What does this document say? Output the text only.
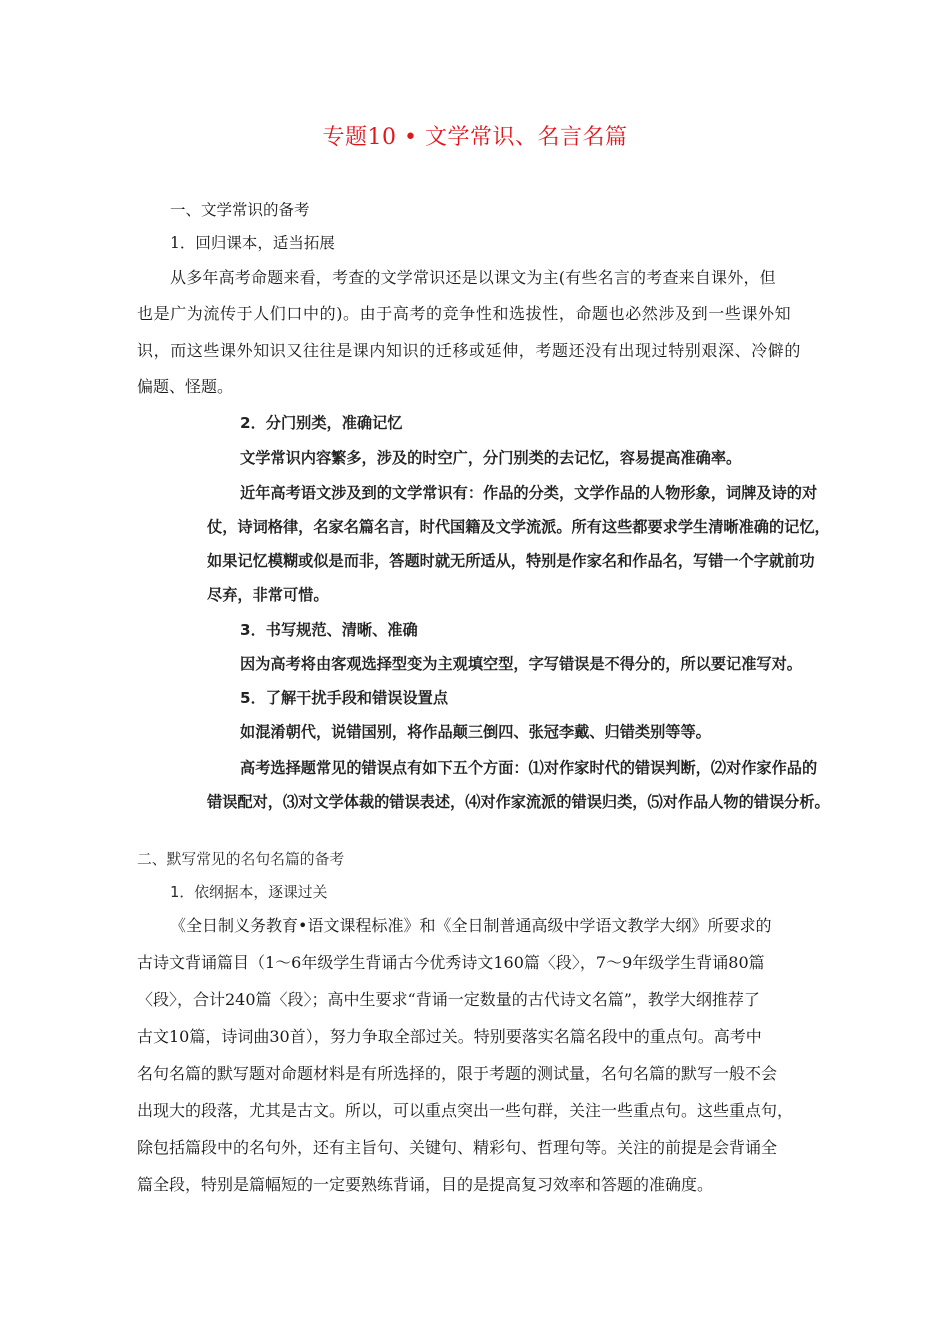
专题10 • 文学常识、名言名篇
一、文学常识的备考
1．回归课本，适当拓展
从多年高考命题来看，考查的文学常识还是以课文为主(有些名言的考查来自课外，但
也是广为流传于人们口中的)。由于高考的竞争性和选拔性，命题也必然涉及到一些课外知
识，而这些课外知识又往往是课内知识的迁移或延伸，考题还没有出现过特别艰深、冷僻的
偏题、怪题。
2．分门别类，准确记忆
文学常识内容繁多，涉及的时空广，分门别类的去记忆，容易提高准确率。
近年高考语文涉及到的文学常识有：作品的分类，文学作品的人物形象，词牌及诗的对
仗，诗词格律，名家名篇名言，时代国籍及文学流派。所有这些都要求学生清晰准确的记忆，
如果记忆模糊或似是而非，答题时就无所适从，特别是作家名和作品名，写错一个字就前功
尽弃，非常可惜。
3．书写规范、清晰、准确
因为高考将由客观选择型变为主观填空型，字写错误是不得分的，所以要记准写对。
5．了解干扰手段和错误设置点
如混淆朝代，说错国别，将作品颠三倒四、张冠李戴、归错类别等等。
高考选择题常见的错误点有如下五个方面：⑴对作家时代的错误判断，⑵对作家作品的
错误配对，⑶对文学体裁的错误表述，⑷对作家流派的错误归类，⑸对作品人物的错误分析。
二、默写常见的名句名篇的备考
1．依纲据本，逐课过关
《全日制义务教育•语文课程标准》和《全日制普通高级中学语文教学大纲》所要求的
古诗文背诵篇目（1～6年级学生背诵古今优秀诗文160篇〈段〉，7～9年级学生背诵80篇
〈段〉，合计240篇〈段〉；高中生要求“背诵一定数量的古代诗文名篇”，教学大纲推荐了
古文10篇，诗词曲30首），努力争取全部过关。特别要落实名篇名段中的重点句。高考中
名句名篇的默写题对命题材料是有所选择的，限于考题的测试量，名句名篇的默写一般不会
出现大的段落，尤其是古文。所以，可以重点突出一些句群，关注一些重点句。这些重点句，
除包括篇段中的名句外，还有主旨句、关键句、精彩句、哲理句等。关注的前提是会背诵全
篇全段，特别是篇幅短的一定要熟练背诵，目的是提高复习效率和答题的准确度。
